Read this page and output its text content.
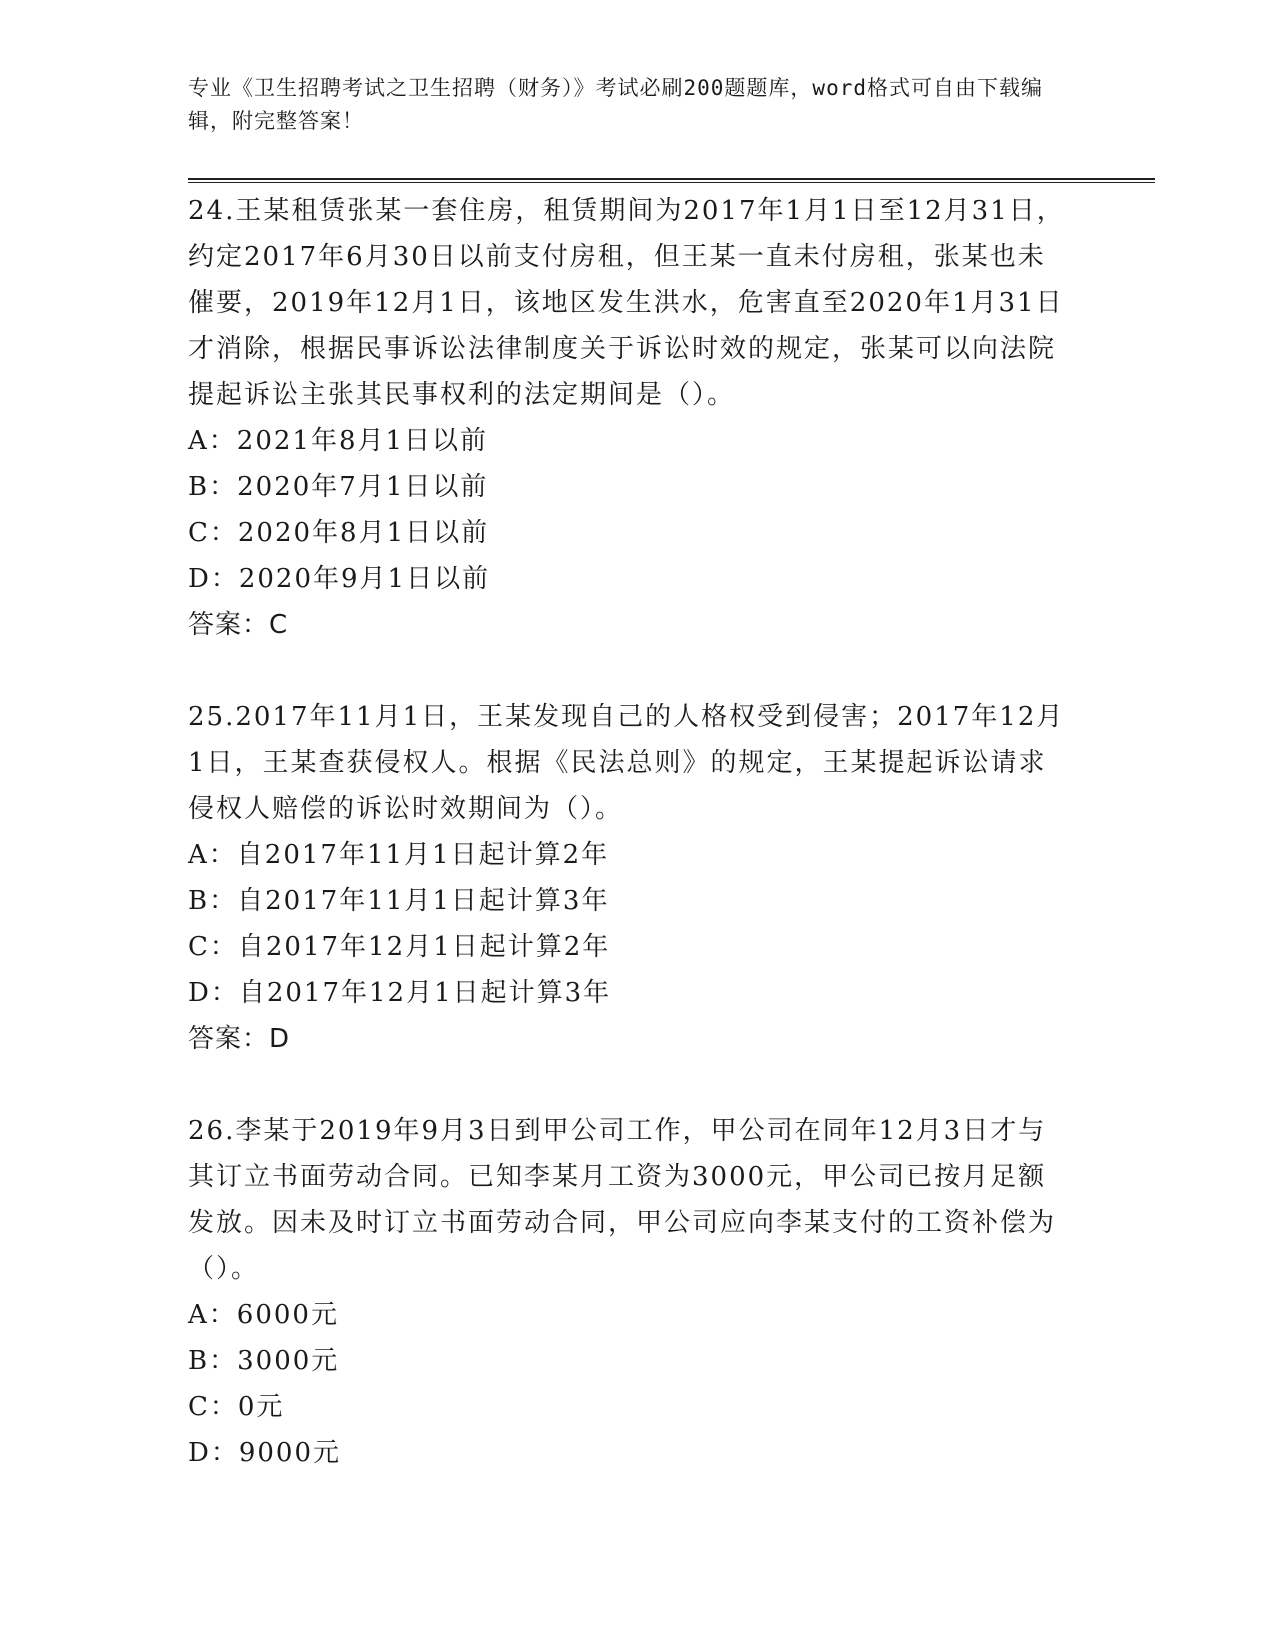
专业《卫生招聘考试之卫生招聘（财务）》考试必刷200题题库，word格式可自由下载编辑，附完整答案！

24.王某租赁张某一套住房，租赁期间为2017年1月1日至12月31日，约定2017年6月30日以前支付房租，但王某一直未付房租，张某也未催要，2019年12月1日，该地区发生洪水，危害直至2020年1月31日才消除，根据民事诉讼法律制度关于诉讼时效的规定，张某可以向法院提起诉讼主张其民事权利的法定期间是（）。

A：2021年8月1日以前

B：2020年7月1日以前

C：2020年8月1日以前

D：2020年9月1日以前

答案：C

25.2017年11月1日，王某发现自己的人格权受到侵害；2017年12月1日，王某查获侵权人。根据《民法总则》的规定，王某提起诉讼请求侵权人赔偿的诉讼时效期间为（）。

A：自2017年11月1日起计算2年

B：自2017年11月1日起计算3年

C：自2017年12月1日起计算2年

D：自2017年12月1日起计算3年

答案：D

26.李某于2019年9月3日到甲公司工作，甲公司在同年12月3日才与其订立书面劳动合同。已知李某月工资为3000元，甲公司已按月足额发放。因未及时订立书面劳动合同，甲公司应向李某支付的工资补偿为（）。

A：6000元

B：3000元

C：0元

D：9000元
